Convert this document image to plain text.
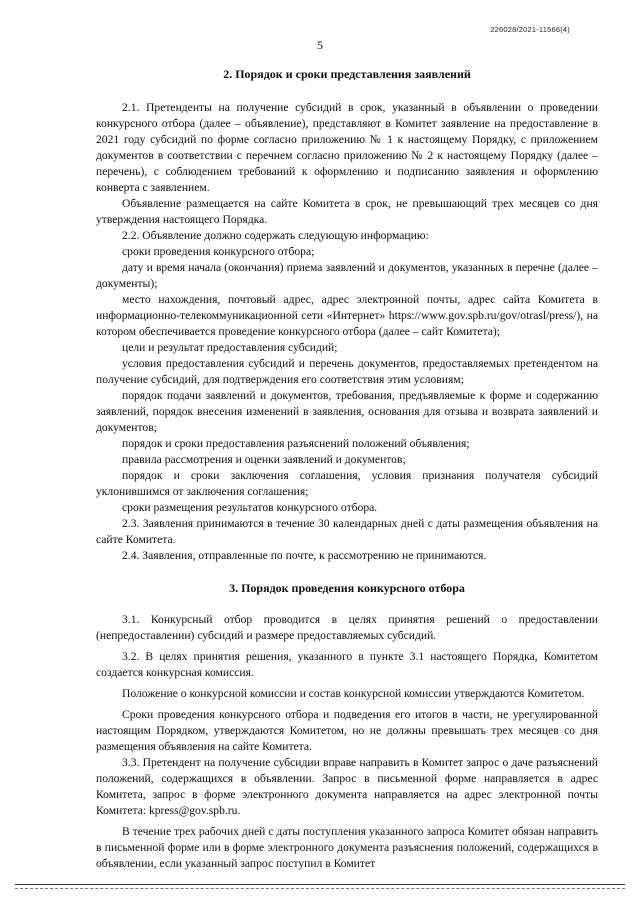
226028/2021-11566(4)
5
2. Порядок и сроки представления заявлений

2.1. Претенденты на получение субсидий в срок, указанный в объявлении о проведении конкурсного отбора (далее – объявление), представляют в Комитет заявление на предоставление в 2021 году субсидий по форме согласно приложению № 1 к настоящему Порядку, с приложением документов в соответствии с перечнем согласно приложению № 2 к настоящему Порядку (далее – перечень), с соблюдением требований к оформлению и подписанию заявления и оформлению конверта с заявлением.

Объявление размещается на сайте Комитета в срок, не превышающий трех месяцев со дня утверждения настоящего Порядка.

2.2. Объявление должно содержать следующую информацию:

сроки проведения конкурсного отбора;

дату и время начала (окончания) приема заявлений и документов, указанных в перечне (далее – документы);

место нахождения, почтовый адрес, адрес электронной почты, адрес сайта Комитета в информационно-телекоммуникационной сети «Интернет» https://www.gov.spb.ru/gov/otrasl/press/), на котором обеспечивается проведение конкурсного отбора (далее – сайт Комитета);

цели и результат предоставления субсидий;

условия предоставления субсидий и перечень документов, предоставляемых претендентом на получение субсидий, для подтверждения его соответствия этим условиям;

порядок подачи заявлений и документов, требования, предъявляемые к форме и содержанию заявлений, порядок внесения изменений в заявления, основания для отзыва и возврата заявлений и документов;

порядок и сроки предоставления разъяснений положений объявления;

правила рассмотрения и оценки заявлений и документов;

порядок и сроки заключения соглашения, условия признания получателя субсидий уклонившимся от заключения соглашения;

сроки размещения результатов конкурсного отбора.

2.3. Заявления принимаются в течение 30 календарных дней с даты размещения объявления на сайте Комитета.

2.4. Заявления, отправленные по почте, к рассмотрению не принимаются.

3. Порядок проведения конкурсного отбора

3.1. Конкурсный отбор проводится в целях принятия решений о предоставлении (непредоставлении) субсидий и размере предоставляемых субсидий.

3.2. В целях принятия решения, указанного в пункте 3.1 настоящего Порядка, Комитетом создается конкурсная комиссия.

Положение о конкурсной комиссии и состав конкурсной комиссии утверждаются Комитетом.

Сроки проведения конкурсного отбора и подведения его итогов в части, не урегулированной настоящим Порядком, утверждаются Комитетом, но не должны превышать трех месяцев со дня размещения объявления на сайте Комитета.

3.3. Претендент на получение субсидии вправе направить в Комитет запрос о даче разъяснений положений, содержащихся в объявлении. Запрос в письменной форме направляется в адрес Комитета, запрос в форме электронного документа направляется на адрес электронной почты Комитета: kpress@gov.spb.ru.

В течение трех рабочих дней с даты поступления указанного запроса Комитет обязан направить в письменной форме или в форме электронного документа разъяснения положений, содержащихся в объявлении, если указанный запрос поступил в Комитет
